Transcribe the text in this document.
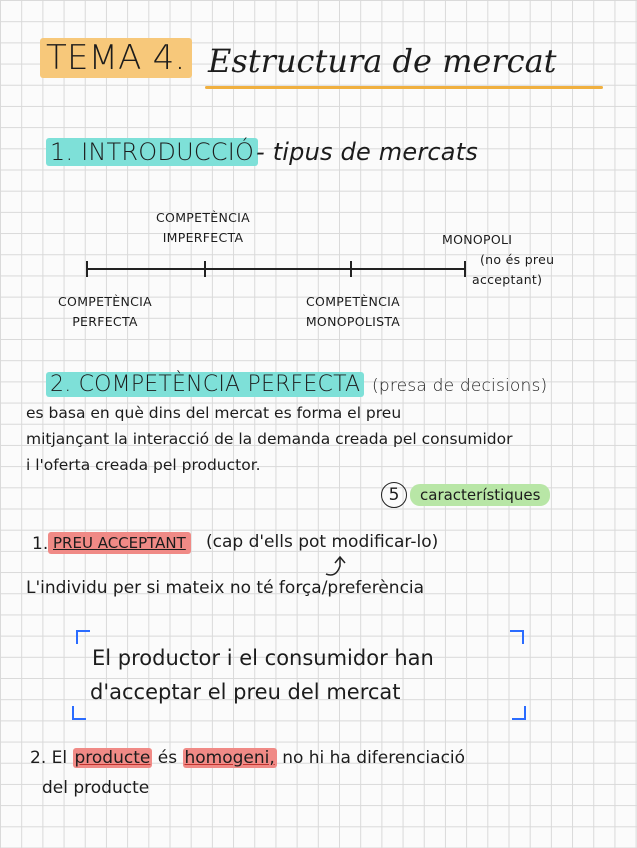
TEMA 4. Estructura de mercat
1. INTRODUCCIÓ - tipus de mercats
COMPETÈNCIA
IMPERFECTA	MONOPOLI
(no és preu
acceptant)
COMPETÈNCIA
PERFECTA
COMPETÈNCIA
MONOPOLISTA
2. COMPETÈNCIA PERFECTA (presa de decisions)
es basa en què dins del mercat es forma el preu
mitjançant la interacció de la demanda creada pel consumidor
i l'oferta creada pel productor.
5	característiques
1. PREU ACCEPTANT (cap d'ells pot modificar-lo)
L'individu per si mateix no té força/preferència
El productor i el consumidor han
d'acceptar el preu del mercat
2. El producte és homogeni, no hi ha diferenciació
del producte
